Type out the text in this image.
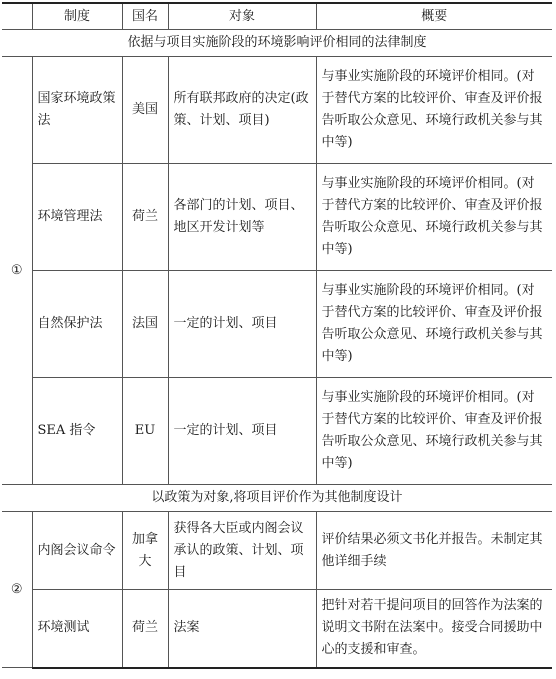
	制度	国名	对象	概要
依据与项目实施阶段的环境影响评价相同的法律制度				
①	国家环境政策法	美国	所有联邦政府的决定(政策、计划、项目)	与事业实施阶段的环境评价相同。(对于替代方案的比较评价、审查及评价报告听取公众意见、环境行政机关参与其中等)
	环境管理法	荷兰	各部门的计划、项目、地区开发计划等	与事业实施阶段的环境评价相同。(对于替代方案的比较评价、审查及评价报告听取公众意见、环境行政机关参与其中等)
	自然保护法	法国	一定的计划、项目	与事业实施阶段的环境评价相同。(对于替代方案的比较评价、审查及评价报告听取公众意见、环境行政机关参与其中等)
	SEA 指令	EU	一定的计划、项目	与事业实施阶段的环境评价相同。(对于替代方案的比较评价、审查及评价报告听取公众意见、环境行政机关参与其中等)
以政策为对象,将项目评价作为其他制度设计				
②	内阁会议命令	加拿大	获得各大臣或内阁会议承认的政策、计划、项目	评价结果必须文书化并报告。未制定其他详细手续
	环境测试	荷兰	法案	把针对若干提问项目的回答作为法案的说明文书附在法案中。接受合同援助中心的支援和审查。
